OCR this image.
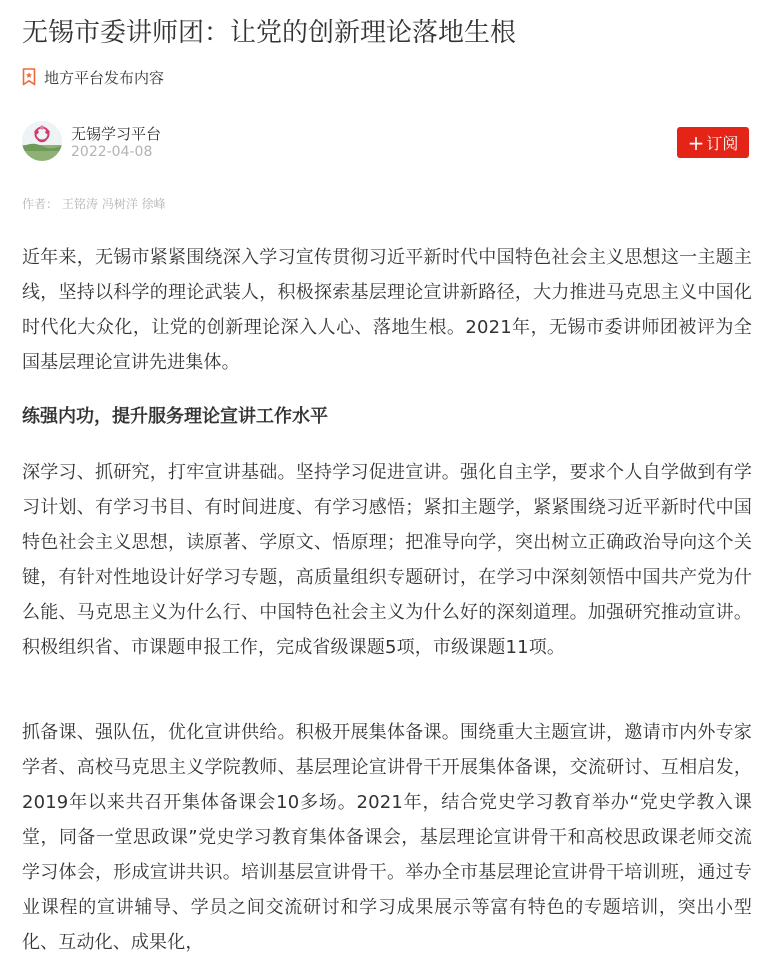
无锡市委讲师团：让党的创新理论落地生根
地方平台发布内容
无锡学习平台
2022-04-08	+ 订阅
作者： 王铭涛 冯树洋 徐峰

近年来，无锡市紧紧围绕深入学习宣传贯彻习近平新时代中国特色社会主义思想这一主题主线，坚持以科学的理论武装人，积极探索基层理论宣讲新路径，大力推进马克思主义中国化时代化大众化，让党的创新理论深入人心、落地生根。2021年，无锡市委讲师团被评为全国基层理论宣讲先进集体。

练强内功，提升服务理论宣讲工作水平

深学习、抓研究，打牢宣讲基础。坚持学习促进宣讲。强化自主学，要求个人自学做到有学习计划、有学习书目、有时间进度、有学习感悟；紧扣主题学，紧紧围绕习近平新时代中国特色社会主义思想，读原著、学原文、悟原理；把准导向学，突出树立正确政治导向这个关键，有针对性地设计好学习专题，高质量组织专题研讨，在学习中深刻领悟中国共产党为什么能、马克思主义为什么行、中国特色社会主义为什么好的深刻道理。加强研究推动宣讲。积极组织省、市课题申报工作，完成省级课题5项，市级课题11项。

抓备课、强队伍，优化宣讲供给。积极开展集体备课。围绕重大主题宣讲，邀请市内外专家学者、高校马克思主义学院教师、基层理论宣讲骨干开展集体备课，交流研讨、互相启发，2019年以来共召开集体备课会10多场。2021年，结合党史学习教育举办“党史学教入课堂，同备一堂思政课”党史学习教育集体备课会，基层理论宣讲骨干和高校思政课老师交流学习体会，形成宣讲共识。培训基层宣讲骨干。举办全市基层理论宣讲骨干培训班，通过专业课程的宣讲辅导、学员之间交流研讨和学习成果展示等富有特色的专题培训，突出小型化、互动化、成果化，
